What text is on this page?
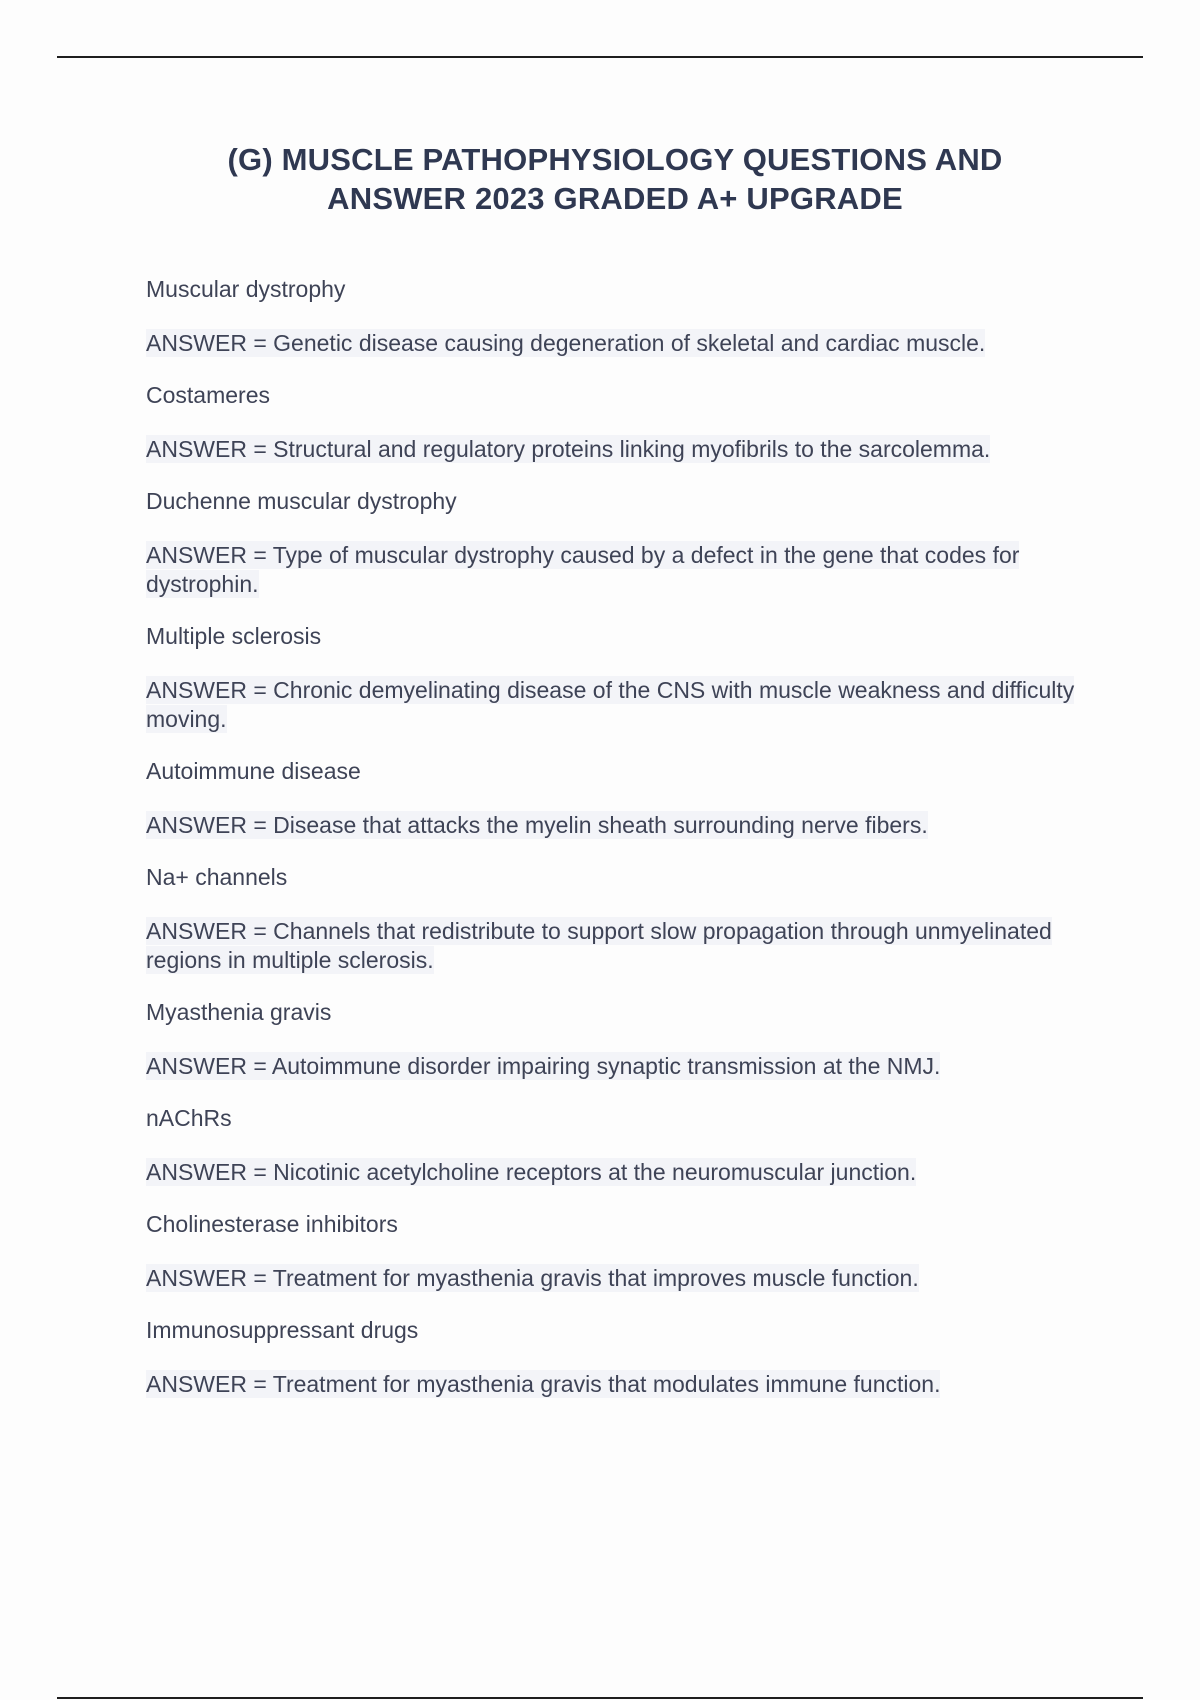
(G) MUSCLE PATHOPHYSIOLOGY QUESTIONS AND
ANSWER 2023 GRADED A+ UPGRADE
Muscular dystrophy
ANSWER = Genetic disease causing degeneration of skeletal and cardiac muscle.
Costameres
ANSWER = Structural and regulatory proteins linking myofibrils to the sarcolemma.
Duchenne muscular dystrophy
ANSWER = Type of muscular dystrophy caused by a defect in the gene that codes for dystrophin.
Multiple sclerosis
ANSWER = Chronic demyelinating disease of the CNS with muscle weakness and difficulty moving.
Autoimmune disease
ANSWER = Disease that attacks the myelin sheath surrounding nerve fibers.
Na+ channels
ANSWER = Channels that redistribute to support slow propagation through unmyelinated regions in multiple sclerosis.
Myasthenia gravis
ANSWER = Autoimmune disorder impairing synaptic transmission at the NMJ.
nAChRs
ANSWER = Nicotinic acetylcholine receptors at the neuromuscular junction.
Cholinesterase inhibitors
ANSWER = Treatment for myasthenia gravis that improves muscle function.
Immunosuppressant drugs
ANSWER = Treatment for myasthenia gravis that modulates immune function.
